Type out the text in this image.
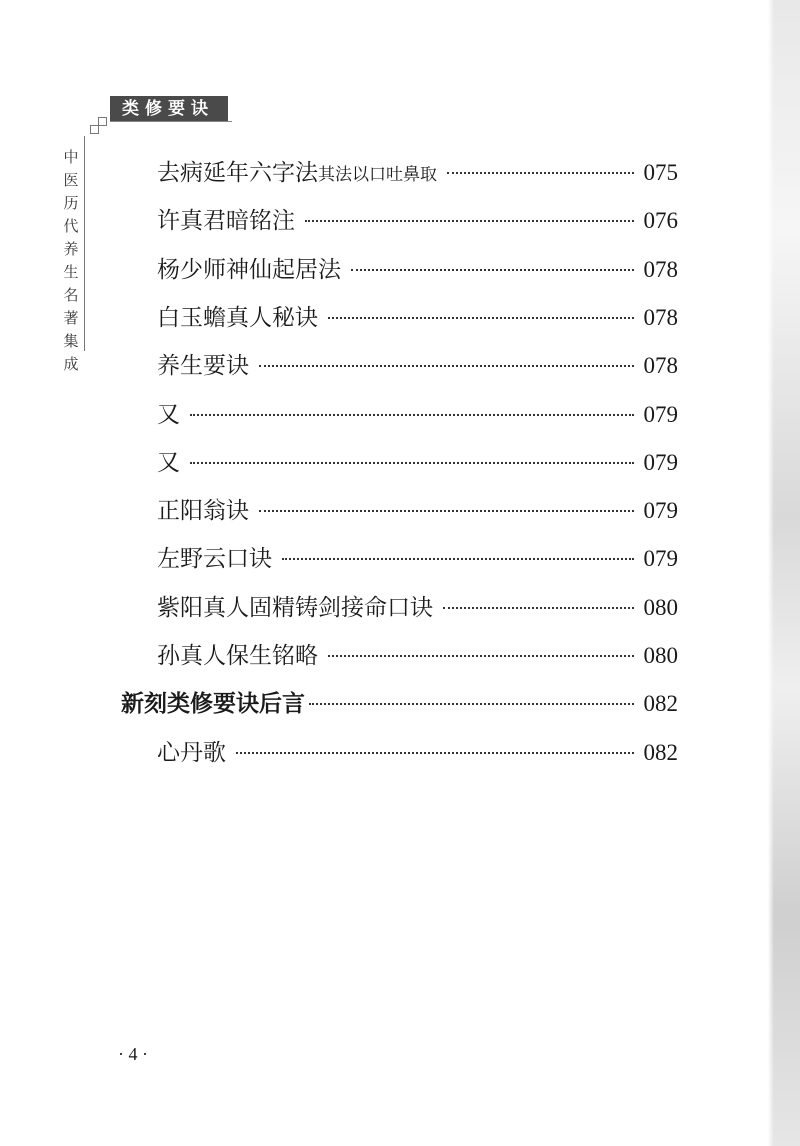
类修要诀
中医历代养生名著集成
去病延年六字法 其法以口吐鼻取	075
许真君暗铭注	076
杨少师神仙起居法	078
白玉蟾真人秘诀	078
养生要诀	078
又	079
又	079
正阳翁诀	079
左野云口诀	079
紫阳真人固精铸剑接命口诀	080
孙真人保生铭略	080
新刻类修要诀后言	082
心丹歌	082
· 4 ·
